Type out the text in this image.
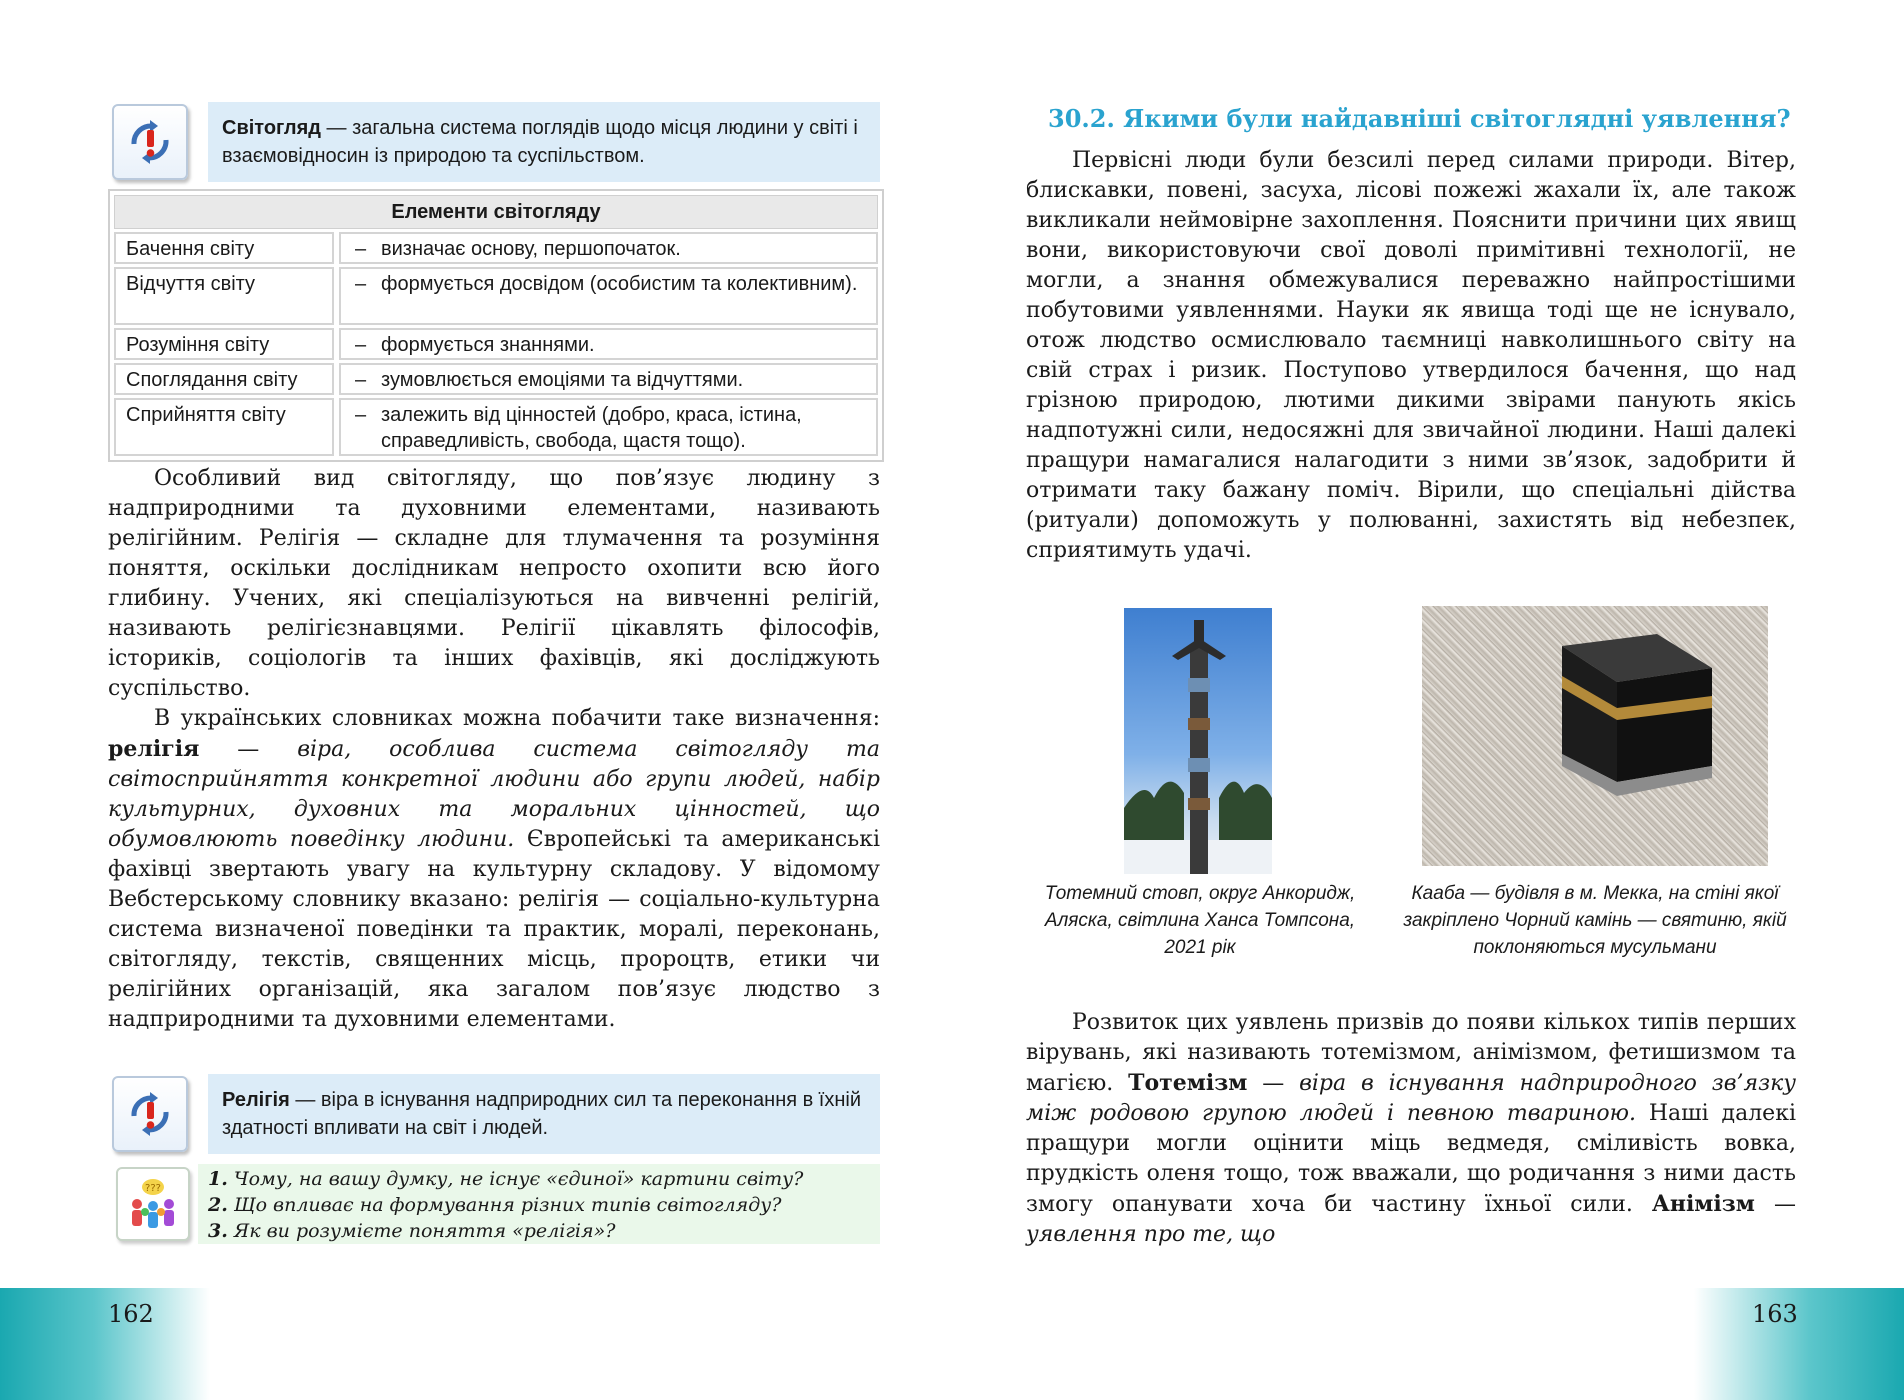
Світогляд — загальна система поглядів щодо місця людини у світі і взаємовідносин із природою та суспільством.
Елементи світогляду
Бачення світу	– визначає основу, першопочаток.
Відчуття світу	– формується досвідом (особистим та колективним).
Розуміння світу	– формується знаннями.
Споглядання світу	– зумовлюється емоціями та відчуттями.
Сприйняття світу	– залежить від цінностей (добро, краса, істина, справедливість, свобода, щастя тощо).

Особливий вид світогляду, що пов’язує людину з надприродними та духовними елементами, називають релігійним. Релігія — складне для тлумачення та розуміння поняття, оскільки дослідникам непросто охопити всю його глибину. Учених, які спеціалізуються на вивченні релігій, називають релігієзнавцями. Релігії цікавлять філософів, істориків, соціологів та інших фахівців, які досліджують суспільство.

В українських словниках можна побачити таке визначення: релігія — віра, особлива система світогляду та світосприйняття конкретної людини або групи людей, набір культурних, духовних та моральних цінностей, що обумовлюють поведінку людини. Європейські та американські фахівці звертають увагу на культурну складову. У відомому Вебстерському словнику вказано: релігія — соціально-культурна система визначеної поведінки та практик, моралі, переконань, світогляду, текстів, священних місць, пророцтв, етики чи релігійних організацій, яка загалом пов’язує людство з надприродними та духовними елементами.

Релігія — віра в існування надприродних сил та переконання в їхній здатності впливати на світ і людей.
??? 1. Чому, на вашу думку, не існує «єдиної» картини світу?
2. Що впливає на формування різних типів світогляду?
3. Як ви розумієте поняття «релігія»?
162
30.2. Якими були найдавніші світоглядні уявлення?

Первісні люди були безсилі перед силами природи. Вітер, блискавки, повені, засуха, лісові пожежі жахали їх, але також викликали неймовірне захоплення. Пояснити причини цих явищ вони, використовуючи свої доволі примітивні технології, не могли, а знання обмежувалися переважно найпростішими побутовими уявленнями. Науки як явища тоді ще не існувало, отож людство осмислювало таємниці навколишнього світу на свій страх і ризик. Поступово утвердилося бачення, що над грізною природою, лютими дикими звірами панують якісь надпотужні сили, недосяжні для звичайної людини. Наші далекі пращури намагалися налагодити з ними зв’язок, задобрити й отримати таку бажану поміч. Вірили, що спеціальні дійства (ритуали) допоможуть у полюванні, захистять від небезпек, сприятимуть удачі.

Тотемний стовп, округ Анкоридж, Аляска, світлина Ханса Томпсона, 2021 рік
Кааба — будівля в м. Мекка, на стіні якої закріплено Чорний камінь — святиню, якій поклоняються мусульмани

Розвиток цих уявлень призвів до появи кількох типів перших вірувань, які називають тотемізмом, анімізмом, фетишизмом та магією. Тотемізм — віра в існування надприродного зв’язку між родовою групою людей і певною твариною. Наші далекі пращури могли оцінити міць ведмедя, сміливість вовка, прудкість оленя тощо, тож вважали, що родичання з ними дасть змогу опанувати хоча би частину їхньої сили. Анімізм — уявлення про те, що

163
